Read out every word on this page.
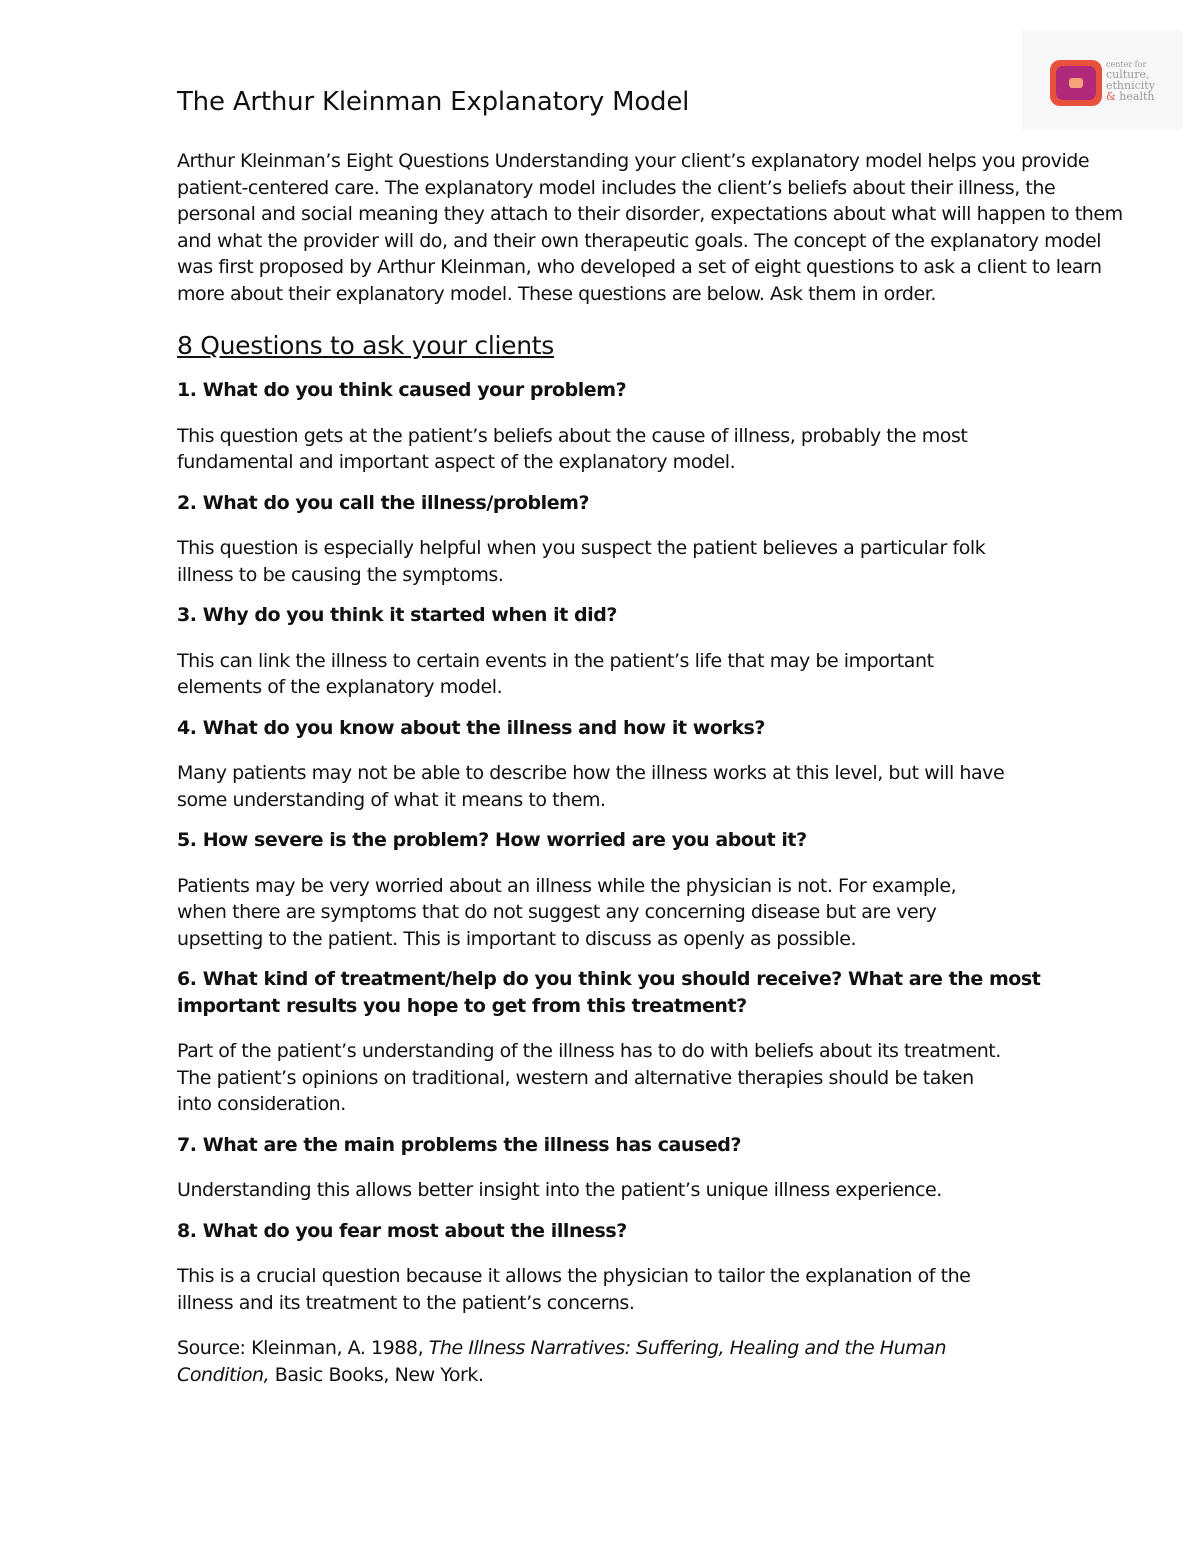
center for
culture,
ethnicity
& health
The Arthur Kleinman Explanatory Model

Arthur Kleinman’s Eight Questions Understanding your client’s explanatory model helps you provide patient-centered care. The explanatory model includes the client’s beliefs about their illness, the personal and social meaning they attach to their disorder, expectations about what will happen to them and what the provider will do, and their own therapeutic goals. The concept of the explanatory model was first proposed by Arthur Kleinman, who developed a set of eight questions to ask a client to learn more about their explanatory model. These questions are below. Ask them in order.

8 Questions to ask your clients

1. What do you think caused your problem?

This question gets at the patient’s beliefs about the cause of illness, probably the most fundamental and important aspect of the explanatory model.

2. What do you call the illness/problem?

This question is especially helpful when you suspect the patient believes a particular folk illness to be causing the symptoms.

3. Why do you think it started when it did?

This can link the illness to certain events in the patient’s life that may be important elements of the explanatory model.

4. What do you know about the illness and how it works?

Many patients may not be able to describe how the illness works at this level, but will have some understanding of what it means to them.

5. How severe is the problem? How worried are you about it?

Patients may be very worried about an illness while the physician is not. For example, when there are symptoms that do not suggest any concerning disease but are very upsetting to the patient. This is important to discuss as openly as possible.

6. What kind of treatment/help do you think you should receive? What are the most important results you hope to get from this treatment?

Part of the patient’s understanding of the illness has to do with beliefs about its treatment. The patient’s opinions on traditional, western and alternative therapies should be taken into consideration.

7. What are the main problems the illness has caused?

Understanding this allows better insight into the patient’s unique illness experience.

8. What do you fear most about the illness?

This is a crucial question because it allows the physician to tailor the explanation of the illness and its treatment to the patient’s concerns.

Source: Kleinman, A. 1988, The Illness Narratives: Suffering, Healing and the Human Condition, Basic Books, New York.
